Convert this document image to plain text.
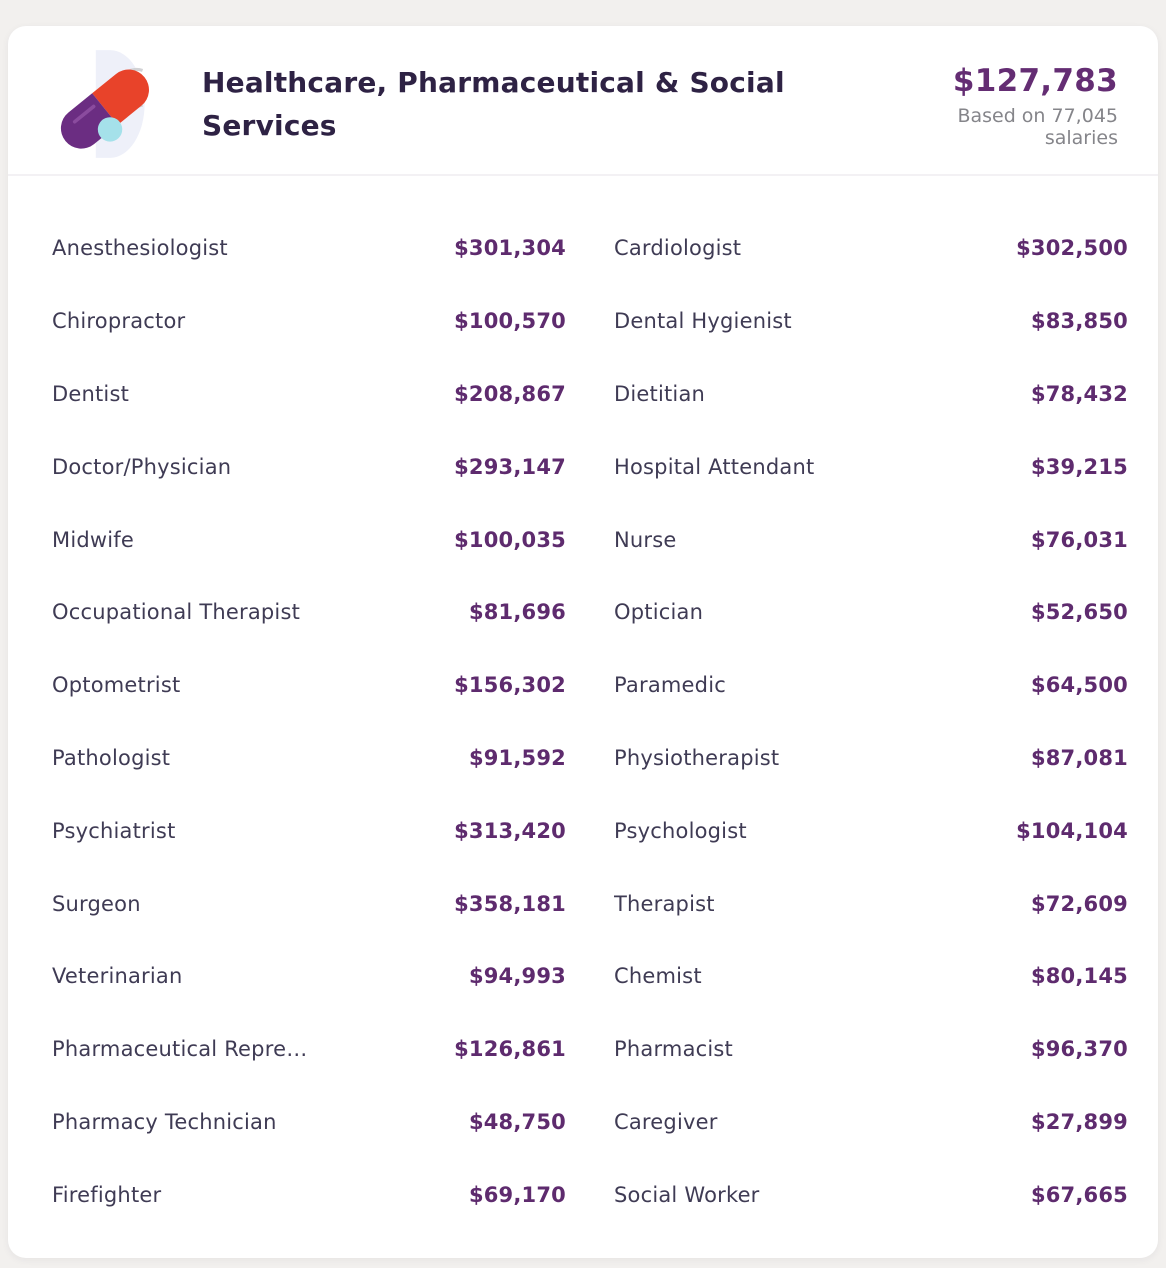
Healthcare, Pharmaceutical & Social Services
$127,783
Based on 77,045 salaries
Anesthesiologist	$301,304 Cardiologist	$302,500
Chiropractor	$100,570 Dental Hygienist	$83,850
Dentist	$208,867 Dietitian	$78,432
Doctor/Physician	$293,147 Hospital Attendant	$39,215
Midwife	$100,035 Nurse	$76,031
Occupational Therapist	$81,696 Optician	$52,650
Optometrist	$156,302 Paramedic	$64,500
Pathologist	$91,592 Physiotherapist	$87,081
Psychiatrist	$313,420 Psychologist	$104,104
Surgeon	$358,181 Therapist	$72,609
Veterinarian	$94,993 Chemist	$80,145
Pharmaceutical Repre…	$126,861 Pharmacist	$96,370
Pharmacy Technician	$48,750 Caregiver	$27,899
Firefighter	$69,170 Social Worker	$67,665
